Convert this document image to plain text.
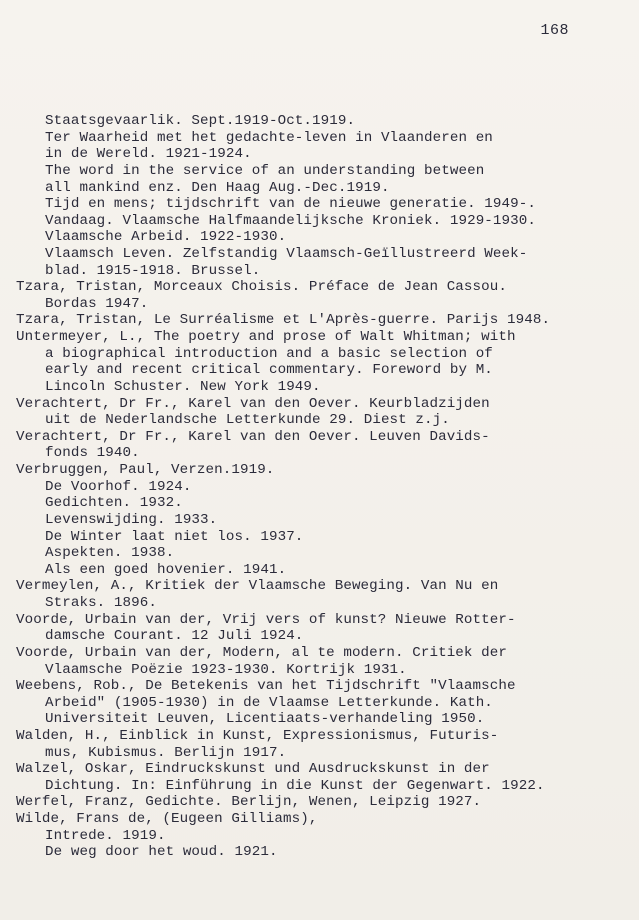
168
Staatsgevaarlik. Sept.1919-Oct.1919.
Ter Waarheid met het gedachte-leven in Vlaanderen en
in de Wereld. 1921-1924.
The word in the service of an understanding between
all mankind enz. Den Haag Aug.-Dec.1919.
Tijd en mens; tijdschrift van de nieuwe generatie. 1949-.
Vandaag. Vlaamsche Halfmaandelijksche Kroniek. 1929-1930.
Vlaamsche Arbeid. 1922-1930.
Vlaamsch Leven. Zelfstandig Vlaamsch-Geïllustreerd Week-
blad. 1915-1918. Brussel.
Tzara, Tristan, Morceaux Choisis. Préface de Jean Cassou.
Bordas 1947.
Tzara, Tristan, Le Surréalisme et L'Après-guerre. Parijs 1948.
Untermeyer, L., The poetry and prose of Walt Whitman; with
a biographical introduction and a basic selection of
early and recent critical commentary. Foreword by M.
Lincoln Schuster. New York 1949.
Verachtert, Dr Fr., Karel van den Oever. Keurbladzijden
uit de Nederlandsche Letterkunde 29. Diest z.j.
Verachtert, Dr Fr., Karel van den Oever. Leuven Davids-
fonds 1940.
Verbruggen, Paul, Verzen.1919.
De Voorhof. 1924.
Gedichten. 1932.
Levenswijding. 1933.
De Winter laat niet los. 1937.
Aspekten. 1938.
Als een goed hovenier. 1941.
Vermeylen, A., Kritiek der Vlaamsche Beweging. Van Nu en
Straks. 1896.
Voorde, Urbain van der, Vrij vers of kunst? Nieuwe Rotter-
damsche Courant. 12 Juli 1924.
Voorde, Urbain van der, Modern, al te modern. Critiek der
Vlaamsche Poëzie 1923-1930. Kortrijk 1931.
Weebens, Rob., De Betekenis van het Tijdschrift "Vlaamsche
Arbeid" (1905-1930) in de Vlaamse Letterkunde. Kath.
Universiteit Leuven, Licentiaats-verhandeling 1950.
Walden, H., Einblick in Kunst, Expressionismus, Futuris-
mus, Kubismus. Berlijn 1917.
Walzel, Oskar, Eindruckskunst und Ausdruckskunst in der
Dichtung. In: Einführung in die Kunst der Gegenwart. 1922.
Werfel, Franz, Gedichte. Berlijn, Wenen, Leipzig 1927.
Wilde, Frans de, (Eugeen Gilliams),
Intrede. 1919.
De weg door het woud. 1921.
